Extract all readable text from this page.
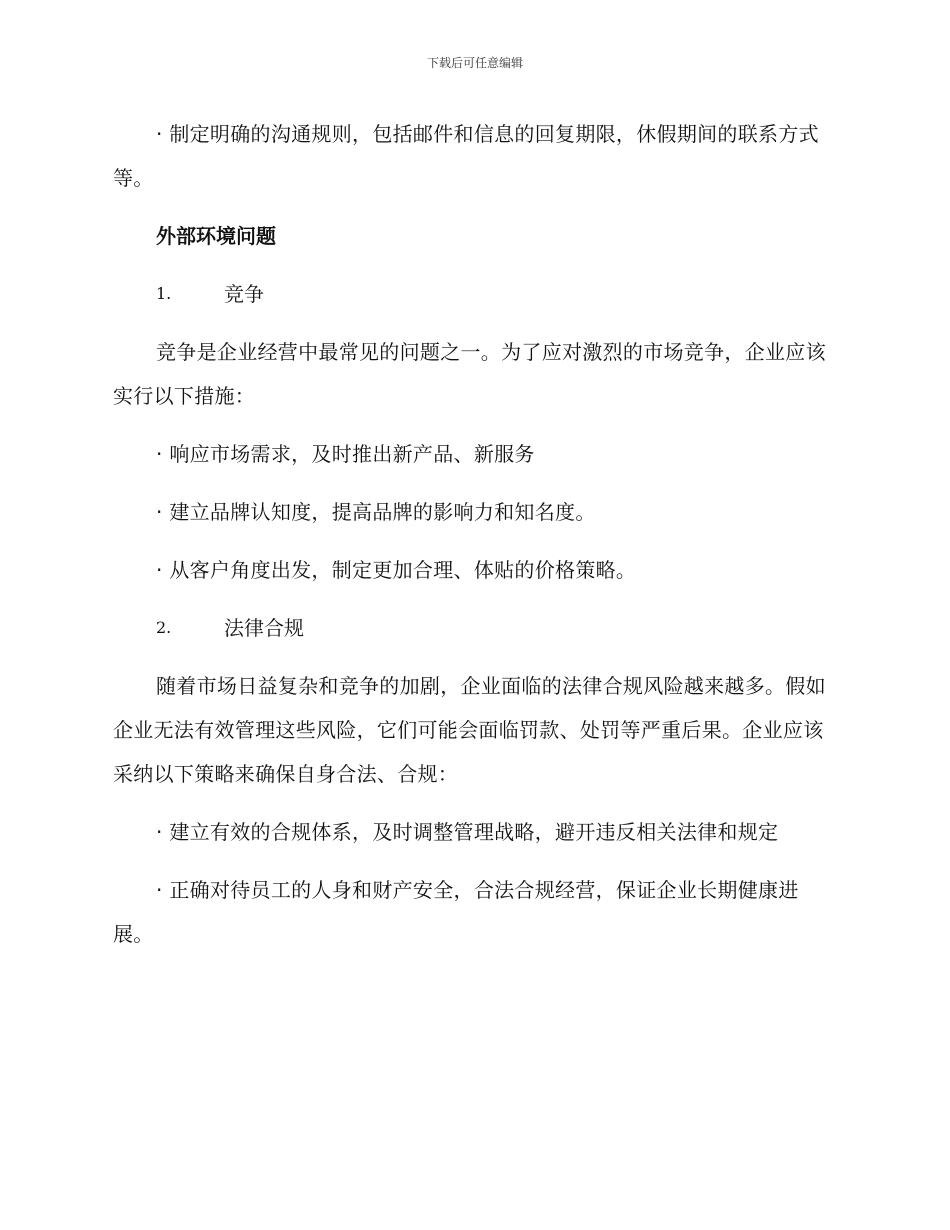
下载后可任意编辑

· 制定明确的沟通规则，包括邮件和信息的回复期限，休假期间的联系方式等。

外部环境问题

1.	竞争

竞争是企业经营中最常见的问题之一。为了应对激烈的市场竞争，企业应该实行以下措施：

· 响应市场需求，及时推出新产品、新服务

· 建立品牌认知度，提高品牌的影响力和知名度。

· 从客户角度出发，制定更加合理、体贴的价格策略。

2.	法律合规

随着市场日益复杂和竞争的加剧，企业面临的法律合规风险越来越多。假如企业无法有效管理这些风险，它们可能会面临罚款、处罚等严重后果。企业应该采纳以下策略来确保自身合法、合规：

· 建立有效的合规体系，及时调整管理战略，避开违反相关法律和规定

· 正确对待员工的人身和财产安全，合法合规经营，保证企业长期健康进展。
